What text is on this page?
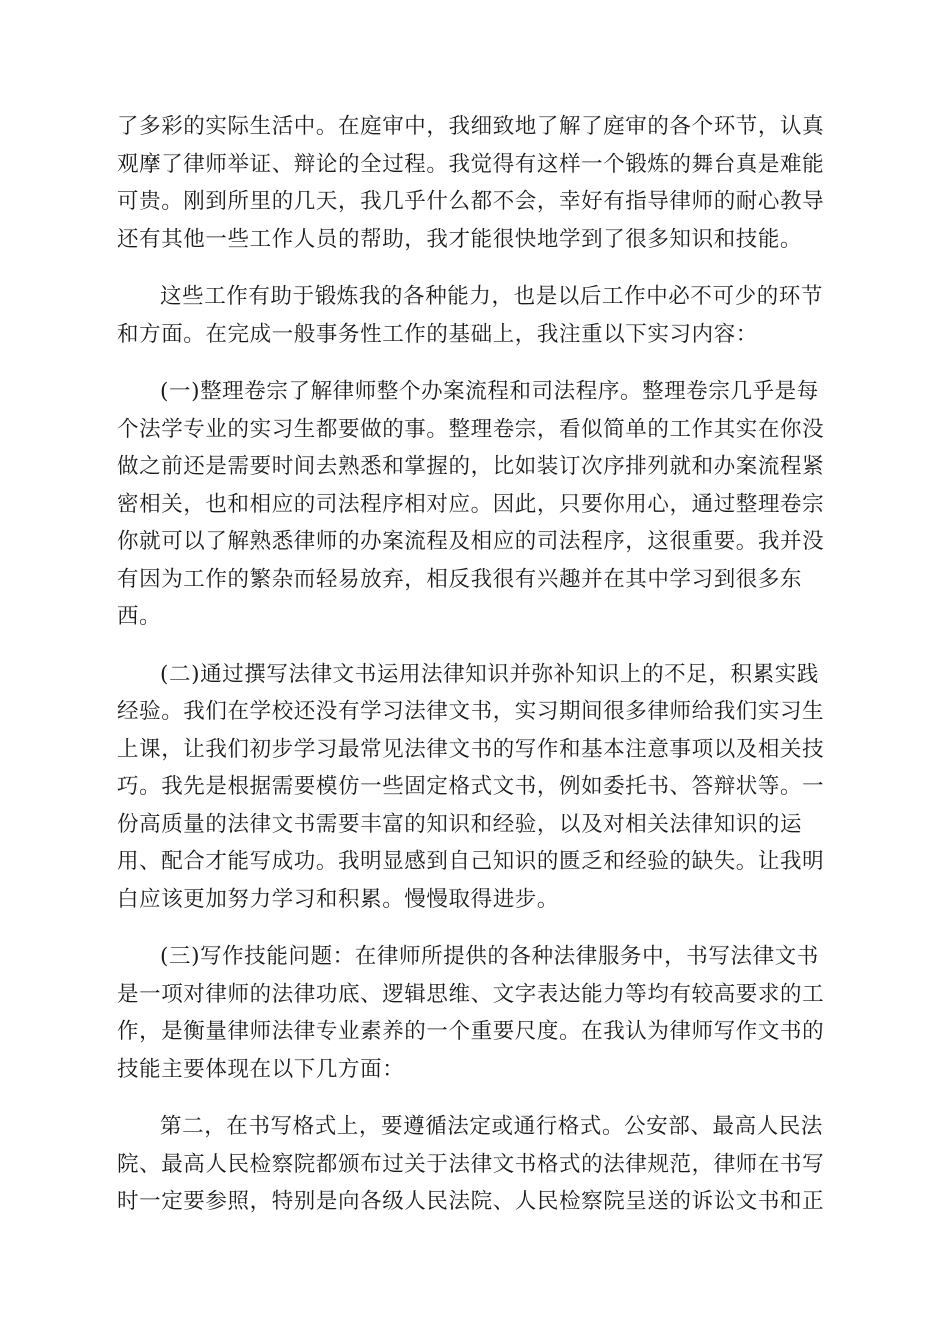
了多彩的实际生活中。在庭审中，我细致地了解了庭审的各个环节，认真
观摩了律师举证、辩论的全过程。我觉得有这样一个锻炼的舞台真是难能
可贵。刚到所里的几天，我几乎什么都不会，幸好有指导律师的耐心教导
还有其他一些工作人员的帮助，我才能很快地学到了很多知识和技能。
这些工作有助于锻炼我的各种能力，也是以后工作中必不可少的环节
和方面。在完成一般事务性工作的基础上，我注重以下实习内容：
(一)整理卷宗了解律师整个办案流程和司法程序。整理卷宗几乎是每
个法学专业的实习生都要做的事。整理卷宗，看似简单的工作其实在你没
做之前还是需要时间去熟悉和掌握的，比如装订次序排列就和办案流程紧
密相关，也和相应的司法程序相对应。因此，只要你用心，通过整理卷宗
你就可以了解熟悉律师的办案流程及相应的司法程序，这很重要。我并没
有因为工作的繁杂而轻易放弃，相反我很有兴趣并在其中学习到很多东
西。
(二)通过撰写法律文书运用法律知识并弥补知识上的不足，积累实践
经验。我们在学校还没有学习法律文书，实习期间很多律师给我们实习生
上课，让我们初步学习最常见法律文书的写作和基本注意事项以及相关技
巧。我先是根据需要模仿一些固定格式文书，例如委托书、答辩状等。一
份高质量的法律文书需要丰富的知识和经验，以及对相关法律知识的运
用、配合才能写成功。我明显感到自己知识的匮乏和经验的缺失。让我明
白应该更加努力学习和积累。慢慢取得进步。
(三)写作技能问题：在律师所提供的各种法律服务中，书写法律文书
是一项对律师的法律功底、逻辑思维、文字表达能力等均有较高要求的工
作，是衡量律师法律专业素养的一个重要尺度。在我认为律师写作文书的
技能主要体现在以下几方面：
第二，在书写格式上，要遵循法定或通行格式。公安部、最高人民法
院、最高人民检察院都颁布过关于法律文书格式的法律规范，律师在书写
时一定要参照，特别是向各级人民法院、人民检察院呈送的诉讼文书和正
